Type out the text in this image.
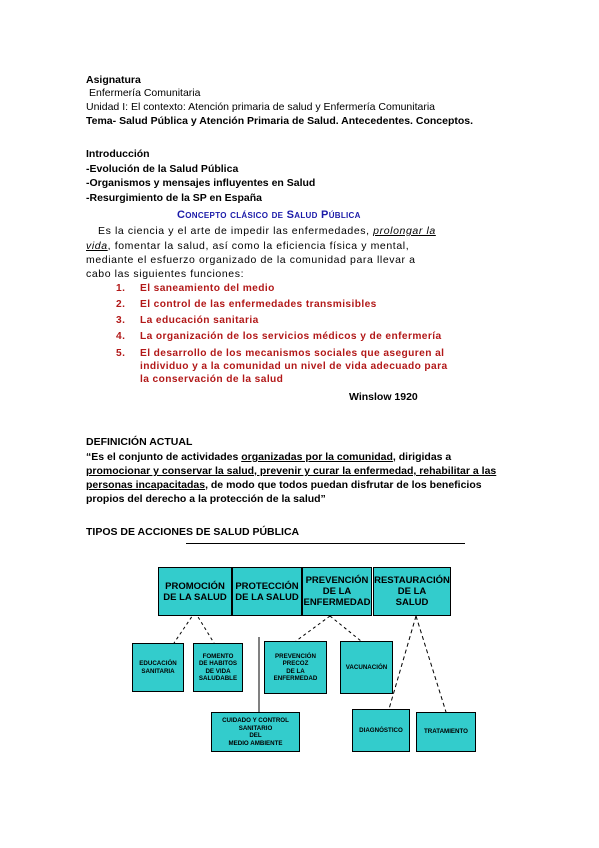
Asignatura
Enfermería Comunitaria
Unidad I: El contexto: Atención primaria de salud y Enfermería Comunitaria
Tema- Salud Pública y Atención Primaria de Salud. Antecedentes. Conceptos.
Introducción
-Evolución de la Salud Pública
-Organismos y mensajes influyentes en Salud
-Resurgimiento de la SP en España
Concepto clásico de Salud Pública
Es la ciencia y el arte de impedir las enfermedades, prolongar la
vida, fomentar la salud, así como la eficiencia física y mental,
mediante el esfuerzo organizado de la comunidad para llevar a
cabo las siguientes funciones:
1. El saneamiento del medio
2. El control de las enfermedades transmisibles
3. La educación sanitaria
4. La organización de los servicios médicos y de enfermería
5. El desarrollo de los mecanismos sociales que aseguren al
individuo y a la comunidad un nivel de vida adecuado para
la conservación de la salud
Winslow 1920
DEFINICIÓN ACTUAL
“Es el conjunto de actividades organizadas por la comunidad, dirigidas a
promocionar y conservar la salud, prevenir y curar la enfermedad, rehabilitar a las
personas incapacitadas, de modo que todos puedan disfrutar de los beneficios
propios del derecho a la protección de la salud”
TIPOS DE ACCIONES DE SALUD PÚBLICA
PROMOCIÓN
DE LA SALUD
PROTECCIÓN
DE LA SALUD
PREVENCIÓN
DE LA
ENFERMEDAD
RESTAURACIÓN
DE LA
SALUD
EDUCACIÓN
SANITARIA
FOMENTO
DE HABITOS
DE VIDA
SALUDABLE
PREVENCIÓN
PRECOZ
DE LA
ENFERMEDAD
VACUNACIÓN
CUIDADO Y CONTROL
SANITARIO
DEL
MEDIO AMBIENTE
DIAGNÓSTICO	TRATAMIENTO
